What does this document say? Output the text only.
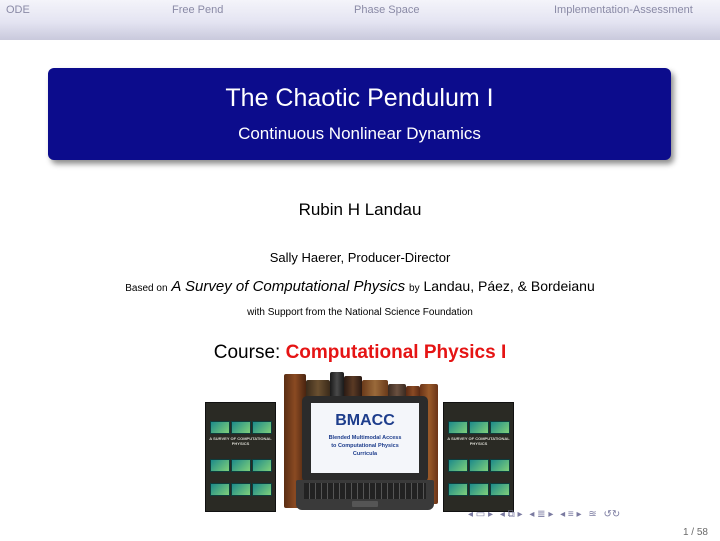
ODE	Free Pend	Phase Space	Implementation-Assessment
The Chaotic Pendulum I
Continuous Nonlinear Dynamics
Rubin H Landau
Sally Haerer, Producer-Director
Based on A Survey of Computational Physics by Landau, Páez, & Bordeianu
with Support from the National Science Foundation
Course: Computational Physics I
A SURVEY OF COMPUTATIONAL PHYSICS
BMACC
Blended Multimodal Access
to Computational Physics
Curricula
A SURVEY OF COMPUTATIONAL PHYSICS
◂ ▭ ▸ ◂ ⧉ ▸ ◂ ≣ ▸ ◂ ≡ ▸ ≊ ↺↻
1 / 58
